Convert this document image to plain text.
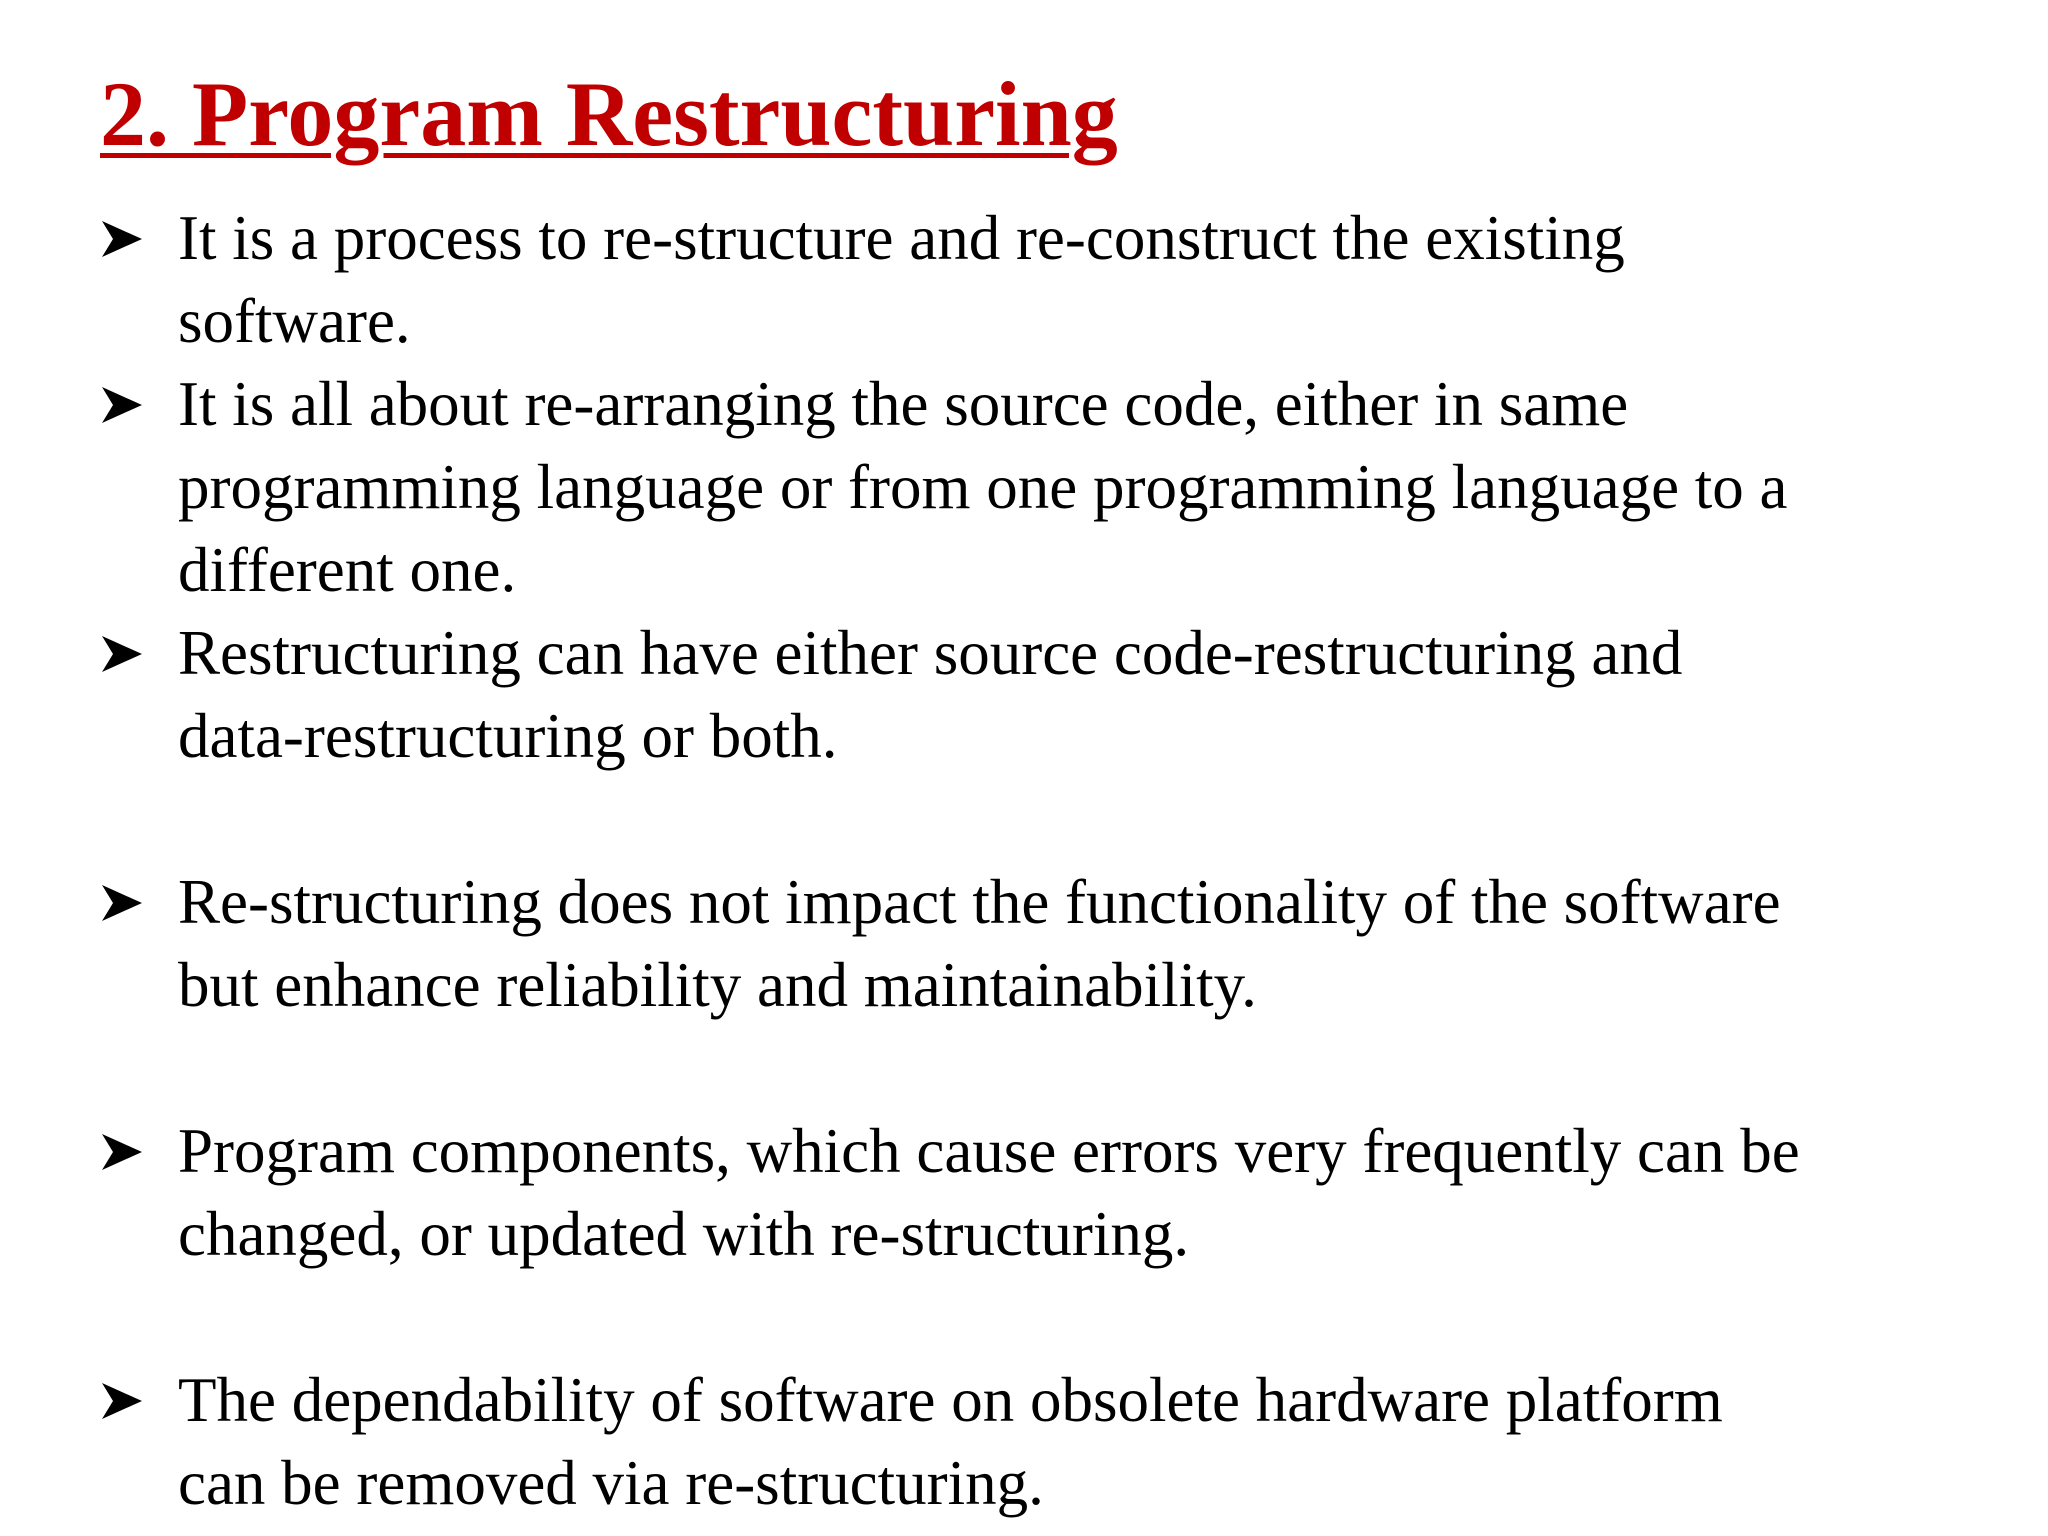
2. Program Restructuring

It is a process to re-structure and re-construct the existing
software.

It is all about re-arranging the source code, either in same
programming language or from one programming language to a
different one.

Restructuring can have either source code-restructuring and
data-restructuring or both.

Re-structuring does not impact the functionality of the software
but enhance reliability and maintainability.

Program components, which cause errors very frequently can be
changed, or updated with re-structuring.

The dependability of software on obsolete hardware platform
can be removed via re-structuring.
